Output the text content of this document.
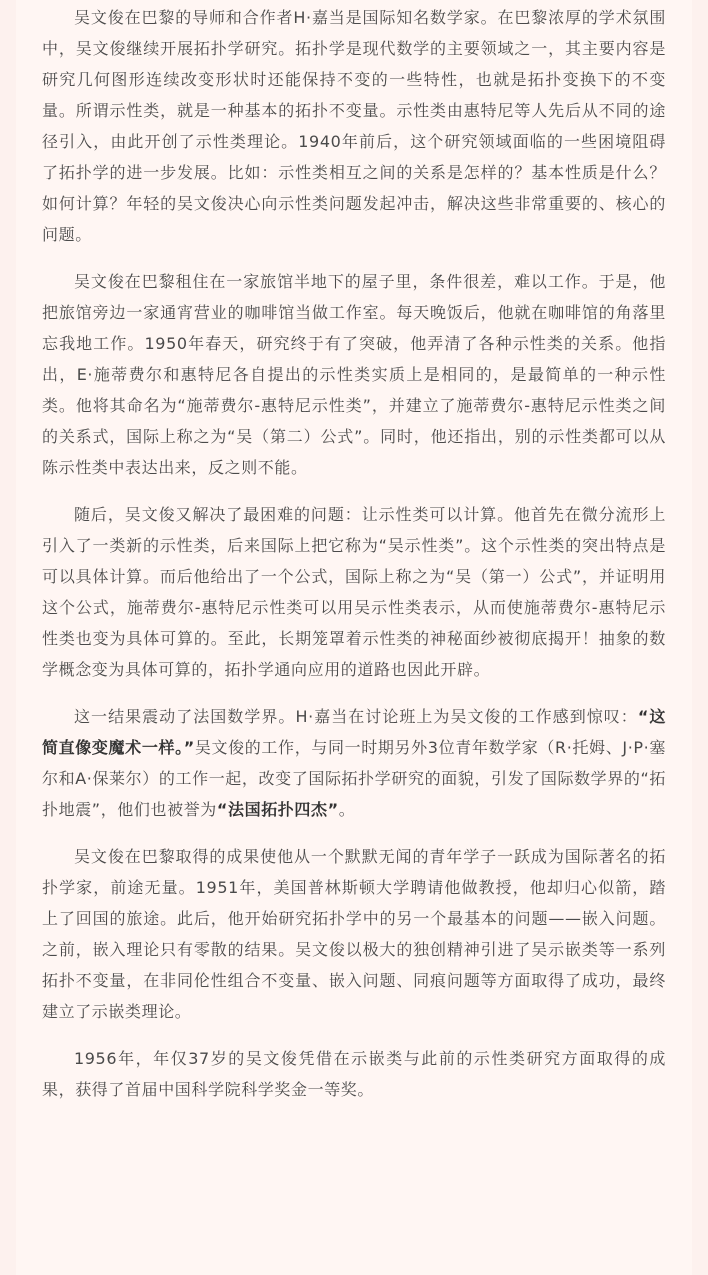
吴文俊在巴黎的导师和合作者H·嘉当是国际知名数学家。在巴黎浓厚的学术氛围中，吴文俊继续开展拓扑学研究。拓扑学是现代数学的主要领域之一，其主要内容是研究几何图形连续改变形状时还能保持不变的一些特性，也就是拓扑变换下的不变量。所谓示性类，就是一种基本的拓扑不变量。示性类由惠特尼等人先后从不同的途径引入，由此开创了示性类理论。1940年前后，这个研究领域面临的一些困境阻碍了拓扑学的进一步发展。比如：示性类相互之间的关系是怎样的？基本性质是什么？如何计算？年轻的吴文俊决心向示性类问题发起冲击，解决这些非常重要的、核心的问题。

吴文俊在巴黎租住在一家旅馆半地下的屋子里，条件很差，难以工作。于是，他把旅馆旁边一家通宵营业的咖啡馆当做工作室。每天晚饭后，他就在咖啡馆的角落里忘我地工作。1950年春天，研究终于有了突破，他弄清了各种示性类的关系。他指出，E·施蒂费尔和惠特尼各自提出的示性类实质上是相同的，是最简单的一种示性类。他将其命名为“施蒂费尔-惠特尼示性类”，并建立了施蒂费尔-惠特尼示性类之间的关系式，国际上称之为“吴（第二）公式”。同时，他还指出，别的示性类都可以从陈示性类中表达出来，反之则不能。

随后，吴文俊又解决了最困难的问题：让示性类可以计算。他首先在微分流形上引入了一类新的示性类，后来国际上把它称为“吴示性类”。这个示性类的突出特点是可以具体计算。而后他给出了一个公式，国际上称之为“吴（第一）公式”，并证明用这个公式，施蒂费尔-惠特尼示性类可以用吴示性类表示，从而使施蒂费尔-惠特尼示性类也变为具体可算的。至此，长期笼罩着示性类的神秘面纱被彻底揭开！抽象的数学概念变为具体可算的，拓扑学通向应用的道路也因此开辟。

这一结果震动了法国数学界。H·嘉当在讨论班上为吴文俊的工作感到惊叹：“这简直像变魔术一样。”吴文俊的工作，与同一时期另外3位青年数学家（R·托姆、J·P·塞尔和A·保莱尔）的工作一起，改变了国际拓扑学研究的面貌，引发了国际数学界的“拓扑地震”，他们也被誉为“法国拓扑四杰”。

吴文俊在巴黎取得的成果使他从一个默默无闻的青年学子一跃成为国际著名的拓扑学家，前途无量。1951年，美国普林斯顿大学聘请他做教授，他却归心似箭，踏上了回国的旅途。此后，他开始研究拓扑学中的另一个最基本的问题——嵌入问题。之前，嵌入理论只有零散的结果。吴文俊以极大的独创精神引进了吴示嵌类等一系列拓扑不变量，在非同伦性组合不变量、嵌入问题、同痕问题等方面取得了成功，最终建立了示嵌类理论。

1956年，年仅37岁的吴文俊凭借在示嵌类与此前的示性类研究方面取得的成果，获得了首届中国科学院科学奖金一等奖。
